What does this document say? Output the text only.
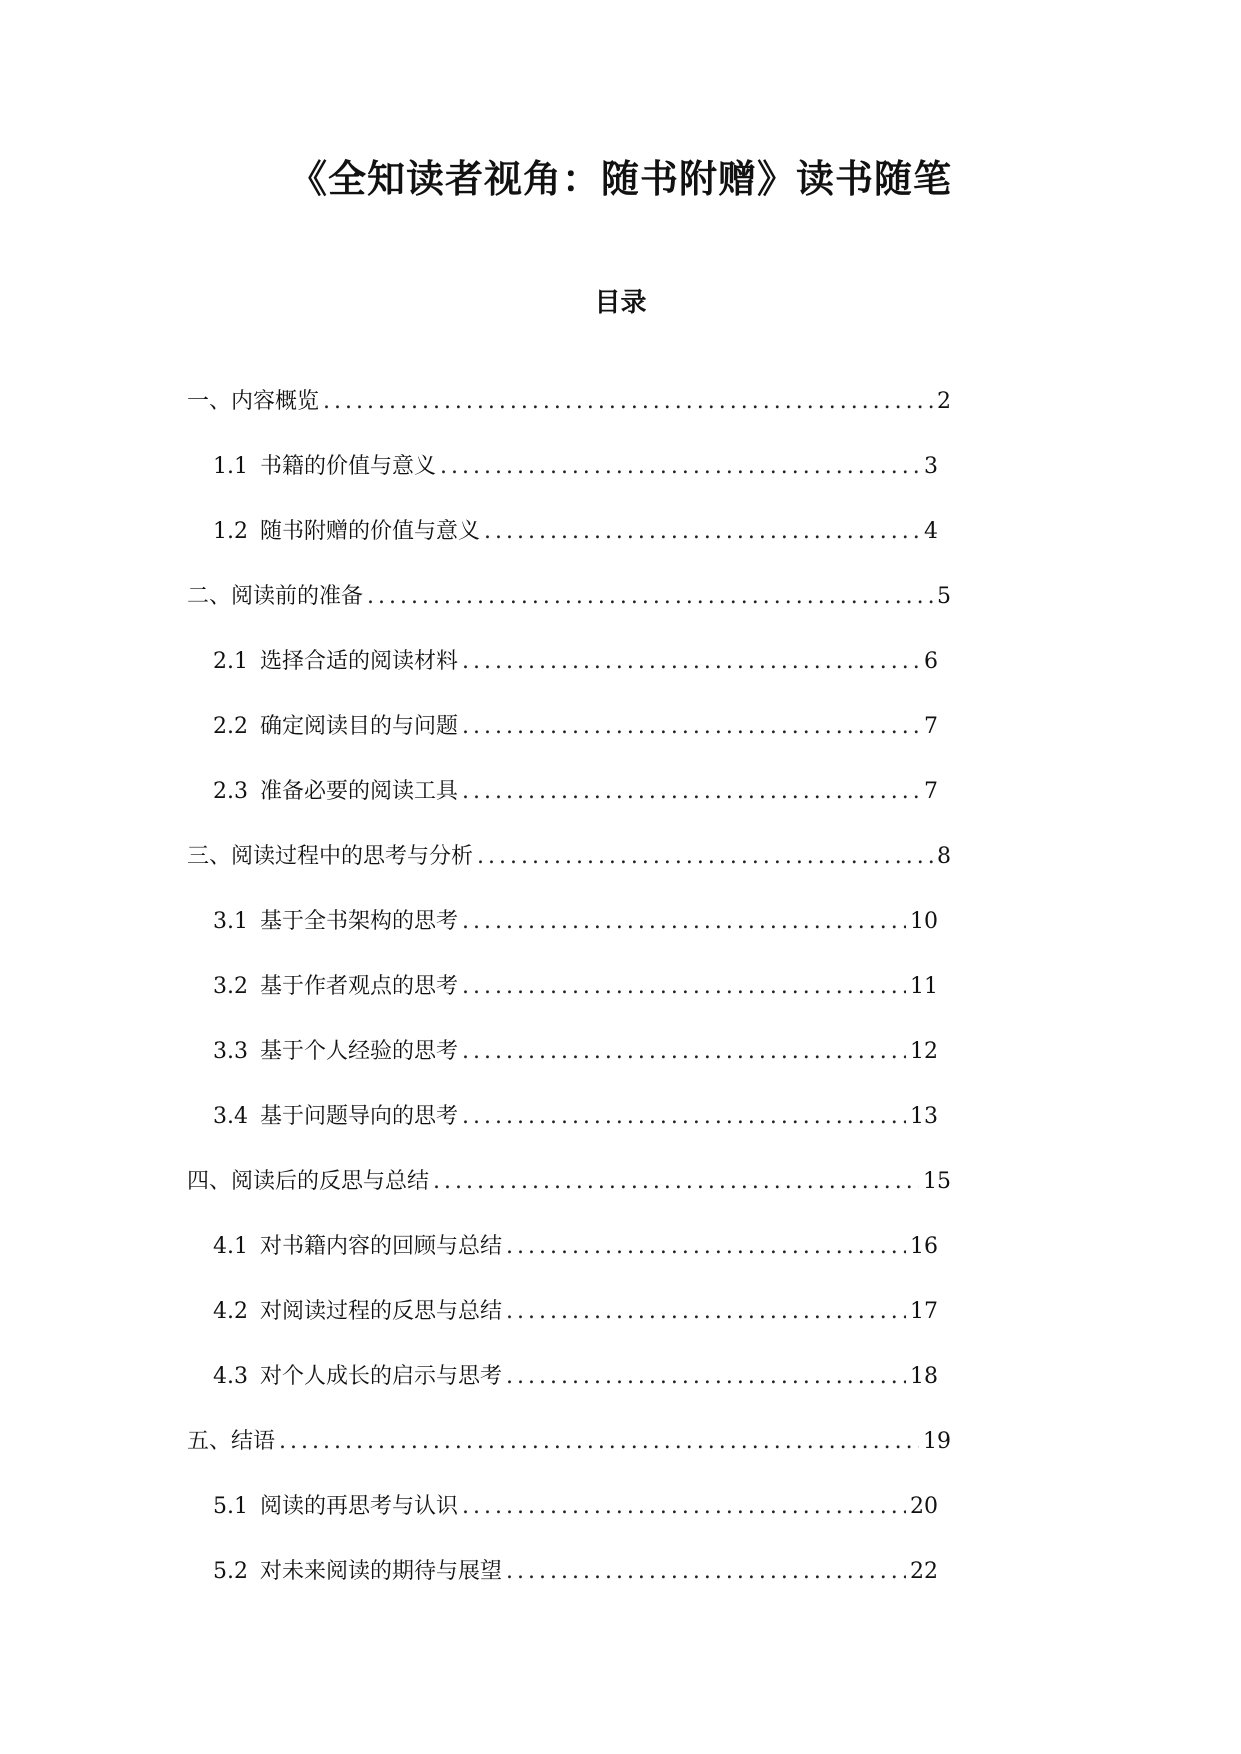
《全知读者视角：随书附赠》读书随笔
目录
一、内容概览 .....	2
1.1 书籍的价值与意义 .....	3
1.2 随书附赠的价值与意义 .....	4
二、阅读前的准备 .....	5
2.1 选择合适的阅读材料 .....	6
2.2 确定阅读目的与问题 .....	7
2.3 准备必要的阅读工具 .....	7
三、阅读过程中的思考与分析 .....	8
3.1 基于全书架构的思考 .....	10
3.2 基于作者观点的思考 .....	11
3.3 基于个人经验的思考 .....	12
3.4 基于问题导向的思考 .....	13
四、阅读后的反思与总结 .....	15
4.1 对书籍内容的回顾与总结 .....	16
4.2 对阅读过程的反思与总结 .....	17
4.3 对个人成长的启示与思考 .....	18
五、结语 .....	19
5.1 阅读的再思考与认识 .....	20
5.2 对未来阅读的期待与展望 .....	22
